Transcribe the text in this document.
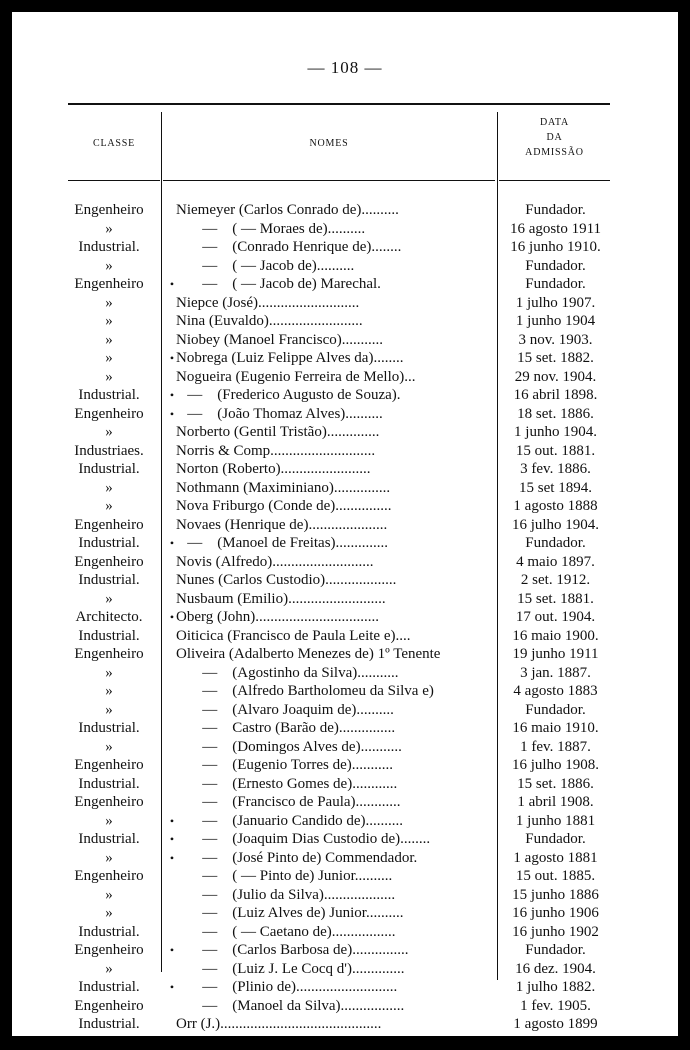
— 108 —
CLASSE	NOMES
DATA
DA
ADMISSÃO
Engenheiro	Niemeyer (Carlos Conrado de)..........	Fundador.
»	—    ( — Moraes de)..........	16 agosto 1911
Industrial.	—    (Conrado Henrique de)........	16 junho 1910.
»	—    ( — Jacob de)..........	Fundador.
Engenheiro	• —    ( — Jacob de) Marechal.	Fundador.
»	Niepce (José)...........................	1 julho 1907.
»	Nina (Euvaldo).........................	1 junho 1904
»	Niobey (Manoel Francisco)...........	3 nov. 1903.
»	• Nobrega (Luiz Felippe Alves da)........	15 set. 1882.
»	Nogueira (Eugenio Ferreira de Mello)...	29 nov. 1904.
Industrial.	• —    (Frederico Augusto de Souza).	16 abril 1898.
Engenheiro	• —    (João Thomaz Alves)..........	18 set. 1886.
»	Norberto (Gentil Tristão)..............	1 junho 1904.
Industriaes.	Norris & Comp............................	15 out. 1881.
Industrial.	Norton (Roberto)........................	3 fev. 1886.
»	Nothmann (Maximiniano)...............	15 set 1894.
»	Nova Friburgo (Conde de)...............	1 agosto 1888
Engenheiro	Novaes (Henrique de).....................	16 julho 1904.
Industrial.	• —    (Manoel de Freitas)..............	Fundador.
Engenheiro	Novis (Alfredo)...........................	4 maio 1897.
Industrial.	Nunes (Carlos Custodio)...................	2 set. 1912.
»	Nusbaum (Emilio)..........................	15 set. 1881.
Architecto.	• Oberg (John).................................	17 out. 1904.
Industrial.	Oiticica (Francisco de Paula Leite e)....	16 maio 1900.
Engenheiro	Oliveira (Adalberto Menezes de) 1º Tenente	19 junho 1911
»	—    (Agostinho da Silva)...........	3 jan. 1887.
»	—    (Alfredo Bartholomeu da Silva e)	4 agosto 1883
»	—    (Alvaro Joaquim de)..........	Fundador.
Industrial.	—    Castro (Barão de)...............	16 maio 1910.
»	—    (Domingos Alves de)...........	1 fev. 1887.
Engenheiro	—    (Eugenio Torres de)...........	16 julho 1908.
Industrial.	—    (Ernesto Gomes de)............	15 set. 1886.
Engenheiro	—    (Francisco de Paula)............	1 abril 1908.
»	• —    (Januario Candido de)..........	1 junho 1881
Industrial.	• —    (Joaquim Dias Custodio de)........	Fundador.
»	• —    (José Pinto de) Commendador.	1 agosto 1881
Engenheiro	—    ( — Pinto de) Junior..........	15 out. 1885.
»	—    (Julio da Silva)...................	15 junho 1886
»	—    (Luiz Alves de) Junior..........	16 junho 1906
Industrial.	—    ( — Caetano de).................	16 junho 1902
Engenheiro	• —    (Carlos Barbosa de)...............	Fundador.
»	—    (Luiz J. Le Cocq d')..............	16 dez. 1904.
Industrial.	• —    (Plinio de)...........................	1 julho 1882.
Engenheiro	—    (Manoel da Silva).................	1 fev. 1905.
Industrial.	Orr (J.)...........................................	1 agosto 1899
